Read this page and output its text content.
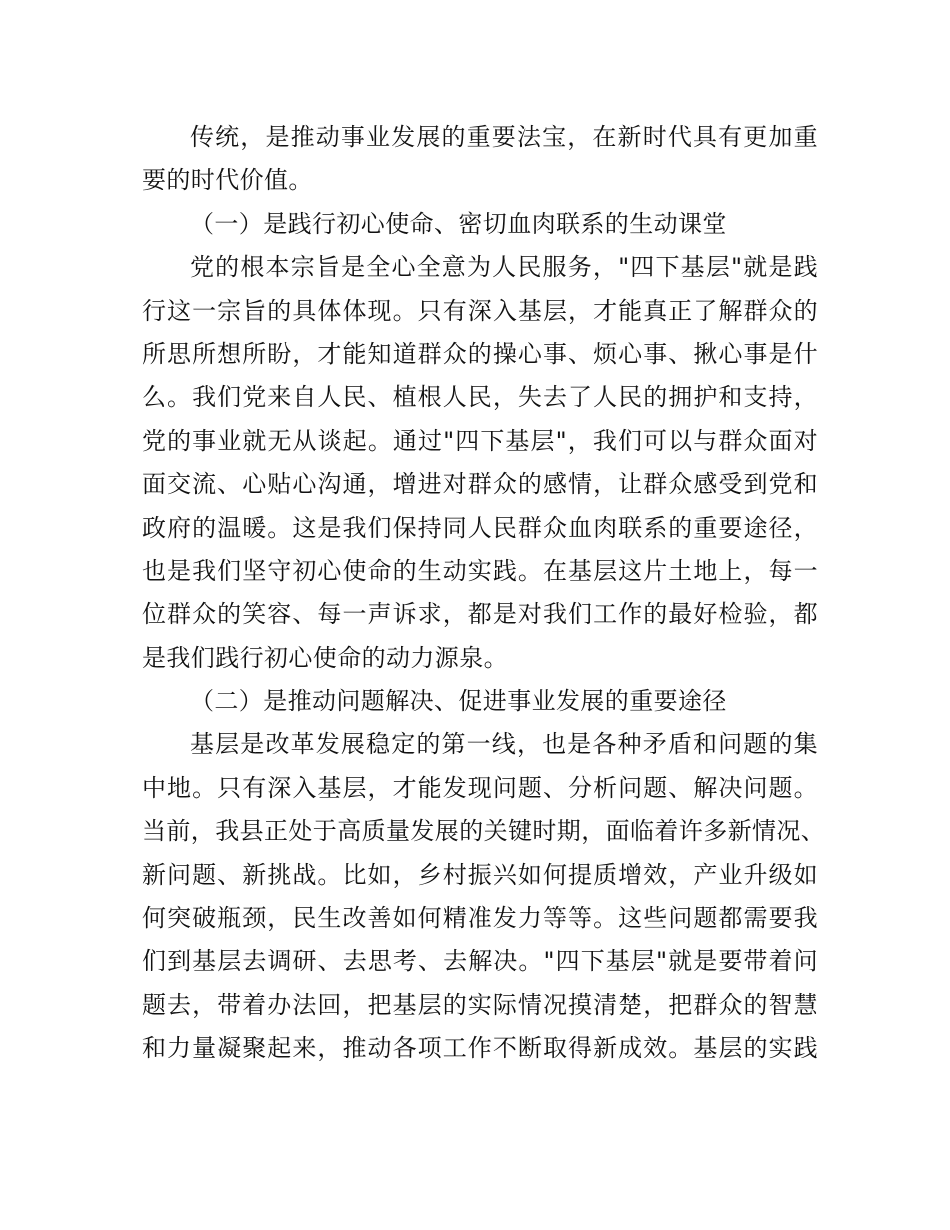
传统，是推动事业发展的重要法宝，在新时代具有更加重
要的时代价值。
（一）是践行初心使命、密切血肉联系的生动课堂
党的根本宗旨是全心全意为人民服务，"四下基层"就是践
行这一宗旨的具体体现。只有深入基层，才能真正了解群众的
所思所想所盼，才能知道群众的操心事、烦心事、揪心事是什
么。我们党来自人民、植根人民，失去了人民的拥护和支持，
党的事业就无从谈起。通过"四下基层"，我们可以与群众面对
面交流、心贴心沟通，增进对群众的感情，让群众感受到党和
政府的温暖。这是我们保持同人民群众血肉联系的重要途径，
也是我们坚守初心使命的生动实践。在基层这片土地上，每一
位群众的笑容、每一声诉求，都是对我们工作的最好检验，都
是我们践行初心使命的动力源泉。
（二）是推动问题解决、促进事业发展的重要途径
基层是改革发展稳定的第一线，也是各种矛盾和问题的集
中地。只有深入基层，才能发现问题、分析问题、解决问题。
当前，我县正处于高质量发展的关键时期，面临着许多新情况、
新问题、新挑战。比如，乡村振兴如何提质增效，产业升级如
何突破瓶颈，民生改善如何精准发力等等。这些问题都需要我
们到基层去调研、去思考、去解决。"四下基层"就是要带着问
题去，带着办法回，把基层的实际情况摸清楚，把群众的智慧
和力量凝聚起来，推动各项工作不断取得新成效。基层的实践
